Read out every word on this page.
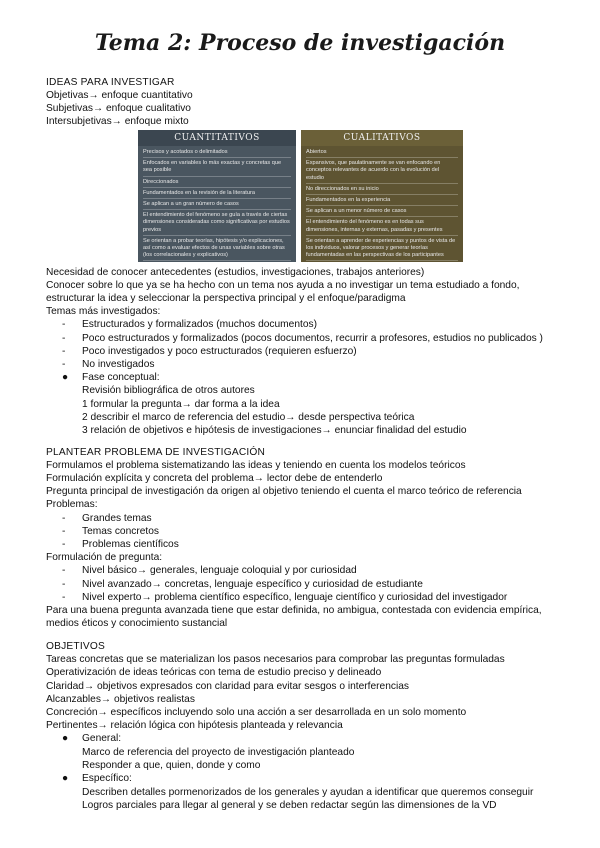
Tema 2: Proceso de investigación
IDEAS PARA INVESTIGAR
Objetivas→ enfoque cuantitativo
Subjetivas→ enfoque cualitativo
Intersubjetivas→ enfoque mixto
CUANTITATIVOS
Precisos y acotados o delimitados
Enfocados en variables lo más exactas y concretas que sea posible
Direccionados
Fundamentados en la revisión de la literatura
Se aplican a un gran número de casos
El entendimiento del fenómeno se guía a través de ciertas dimensiones consideradas como significativas por estudios previos
Se orientan a probar teorías, hipótesis y/o explicaciones, así como a evaluar efectos de unas variables sobre otras (los correlacionales y explicativos)
CUALITATIVOS
Abiertos
Expansivos, que paulatinamente se van enfocando en conceptos relevantes de acuerdo con la evolución del estudio
No direccionados en su inicio
Fundamentados en la experiencia
Se aplican a un menor número de casos
El entendimiento del fenómeno es en todas sus dimensiones, internas y externas, pasadas y presentes
Se orientan a aprender de experiencias y puntos de vista de los individuos, valorar procesos y generar teorías fundamentadas en las perspectivas de los participantes
Necesidad de conocer antecedentes (estudios, investigaciones, trabajos anteriores)
Conocer sobre lo que ya se ha hecho con un tema nos ayuda a no investigar un tema estudiado a fondo,
estructurar la idea y seleccionar la perspectiva principal y el enfoque/paradigma
Temas más investigados:
- Estructurados y formalizados (muchos documentos)
- Poco estructurados y formalizados (pocos documentos, recurrir a profesores, estudios no publicados )
- Poco investigados y poco estructurados (requieren esfuerzo)
- No investigados
● Fase conceptual:
Revisión bibliográfica de otros autores
1 formular la pregunta→ dar forma a la idea
2 describir el marco de referencia del estudio→ desde perspectiva teórica
3 relación de objetivos e hipótesis de investigaciones→ enunciar finalidad del estudio
PLANTEAR PROBLEMA DE INVESTIGACIÓN
Formulamos el problema sistematizando las ideas y teniendo en cuenta los modelos teóricos
Formulación explícita y concreta del problema→ lector debe de entenderlo
Pregunta principal de investigación da origen al objetivo teniendo el cuenta el marco teórico de referencia
Problemas:
- Grandes temas
- Temas concretos
- Problemas científicos
Formulación de pregunta:
- Nivel básico→ generales, lenguaje coloquial y por curiosidad
- Nivel avanzado→ concretas, lenguaje específico y curiosidad de estudiante
- Nivel experto→ problema científico específico, lenguaje científico y curiosidad del investigador
Para una buena pregunta avanzada tiene que estar definida, no ambigua, contestada con evidencia empírica,
medios éticos y conocimiento sustancial
OBJETIVOS
Tareas concretas que se materializan los pasos necesarios para comprobar las preguntas formuladas
Operativización de ideas teóricas con tema de estudio preciso y delineado
Claridad→ objetivos expresados con claridad para evitar sesgos o interferencias
Alcanzables→ objetivos realistas
Concreción→ específicos incluyendo solo una acción a ser desarrollada en un solo momento
Pertinentes→ relación lógica con hipótesis planteada y relevancia
● General:
Marco de referencia del proyecto de investigación planteado
Responder a que, quien, donde y como
● Específico:
Describen detalles pormenorizados de los generales y ayudan a identificar que queremos conseguir
Logros parciales para llegar al general y se deben redactar según las dimensiones de la VD
